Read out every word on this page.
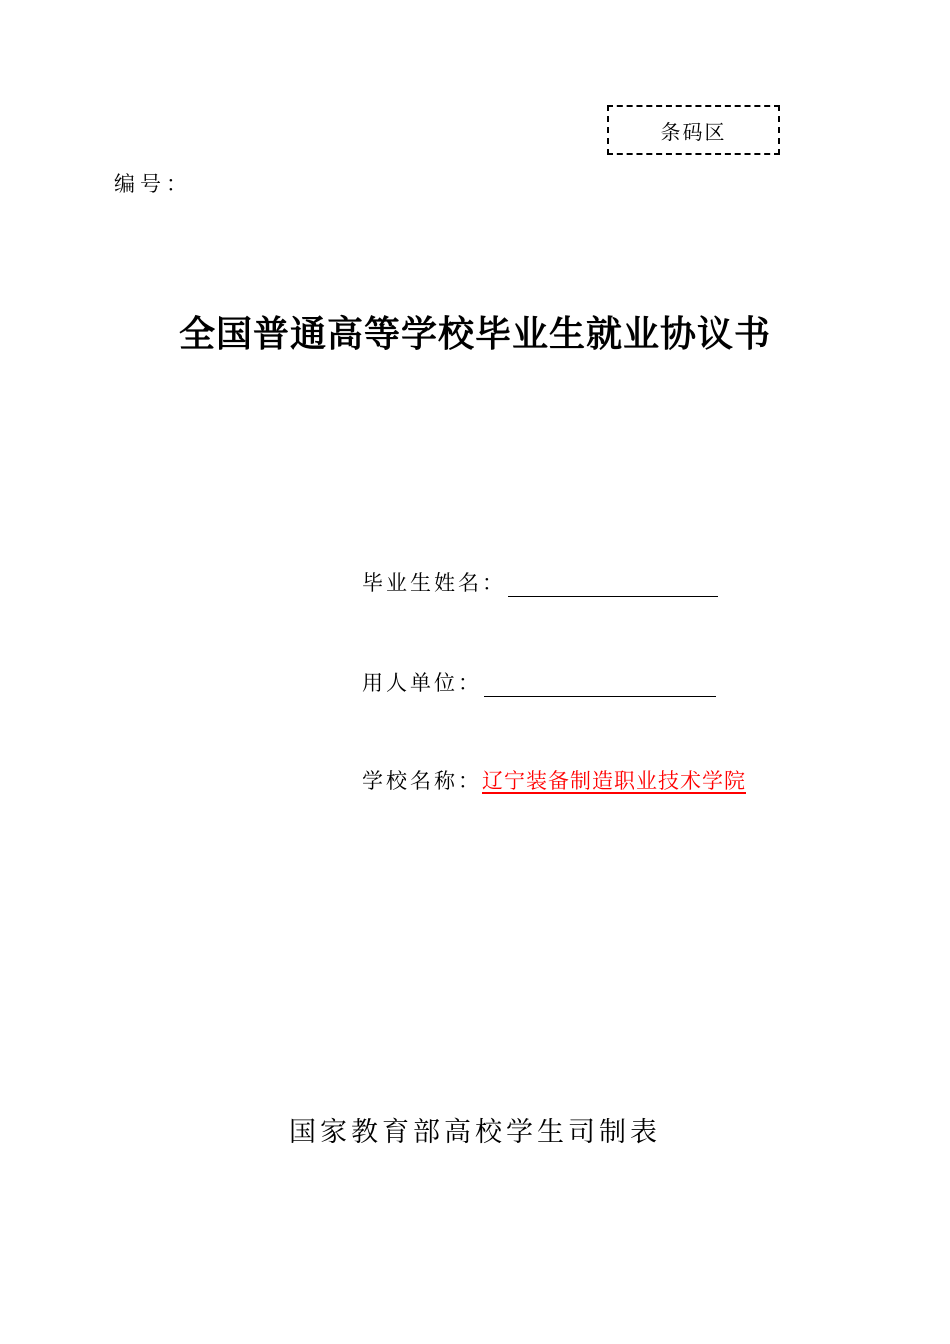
条码区
编号：
全国普通高等学校毕业生就业协议书
毕业生姓名：
用人单位：
学校名称： 辽宁装备制造职业技术学院
国家教育部高校学生司制表
